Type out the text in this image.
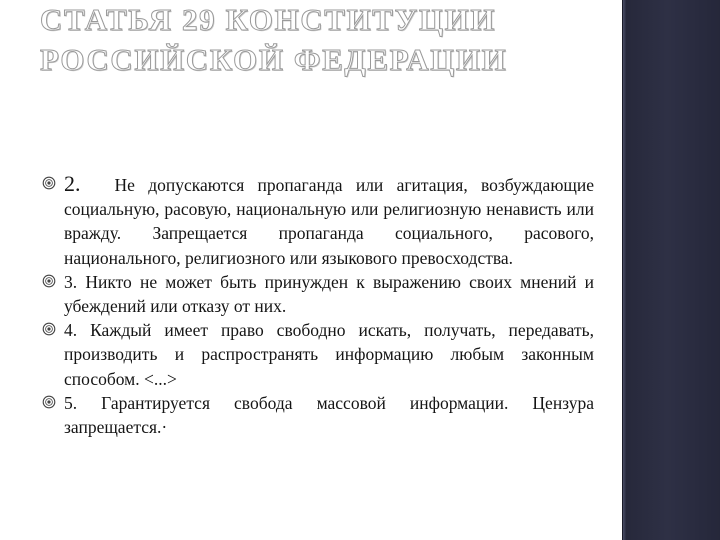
СТАТЬЯ 29 КОНСТИТУЦИИ РОССИЙСКОЙ ФЕДЕРАЦИИ

2. Не допускаются пропаганда или агитация, возбуждающие социальную, расовую, национальную или религиозную ненависть или вражду. Запрещается пропаганда социального, расового, национального, религиозного или языкового превосходства.

3. Никто не может быть принужден к выражению своих мнений и убеждений или отказу от них.

4. Каждый имеет право свободно искать, получать, передавать, производить и распространять информацию любым законным способом. <...>

5. Гарантируется свобода массовой информации. Цензура запрещается.·
